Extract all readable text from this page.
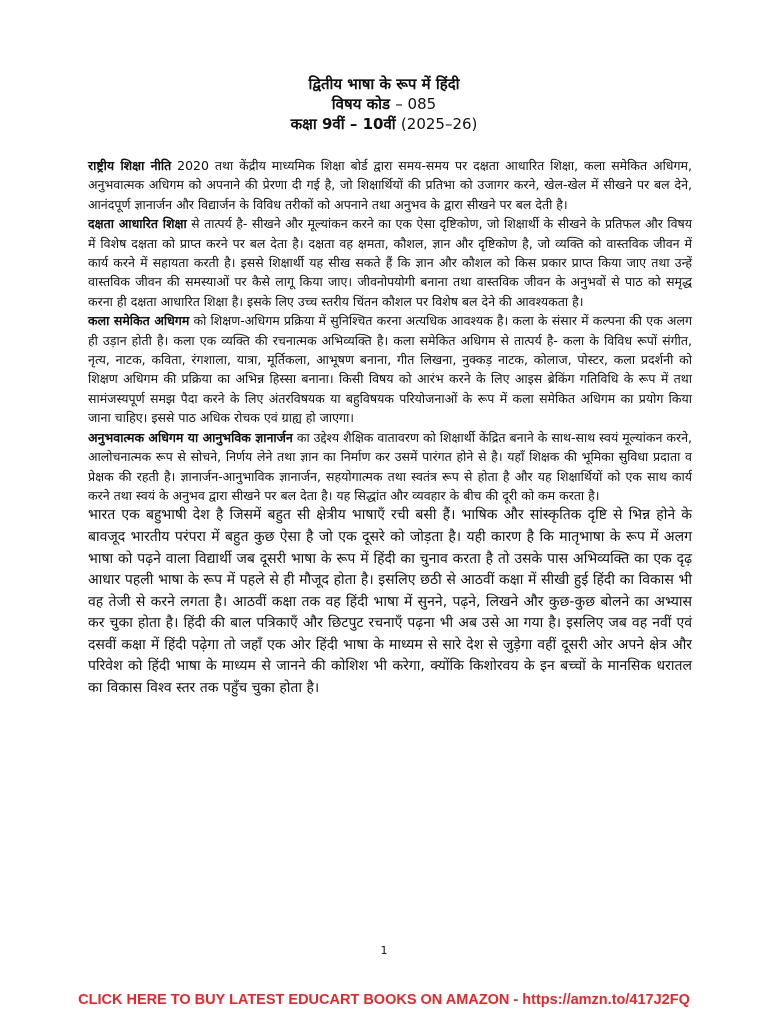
द्वितीय भाषा के रूप में हिंदी
विषय कोड – 085
कक्षा 9वीं – 10वीं (2025–26)

राष्ट्रीय शिक्षा नीति 2020 तथा केंद्रीय माध्यमिक शिक्षा बोर्ड द्वारा समय-समय पर दक्षता आधारित शिक्षा, कला समेकित अधिगम, अनुभवात्मक अधिगम को अपनाने की प्रेरणा दी गई है, जो शिक्षार्थियों की प्रतिभा को उजागर करने, खेल-खेल में सीखने पर बल देने, आनंदपूर्ण ज्ञानार्जन और विद्यार्जन के विविध तरीकों को अपनाने तथा अनुभव के द्वारा सीखने पर बल देती है।

दक्षता आधारित शिक्षा से तात्पर्य है- सीखने और मूल्यांकन करने का एक ऐसा दृष्टिकोण, जो शिक्षार्थी के सीखने के प्रतिफल और विषय में विशेष दक्षता को प्राप्त करने पर बल देता है। दक्षता वह क्षमता, कौशल, ज्ञान और दृष्टिकोण है, जो व्यक्ति को वास्तविक जीवन में कार्य करने में सहायता करती है। इससे शिक्षार्थी यह सीख सकते हैं कि ज्ञान और कौशल को किस प्रकार प्राप्त किया जाए तथा उन्हें वास्तविक जीवन की समस्याओं पर कैसे लागू किया जाए। जीवनोपयोगी बनाना तथा वास्तविक जीवन के अनुभवों से पाठ को समृद्ध करना ही दक्षता आधारित शिक्षा है। इसके लिए उच्च स्तरीय चिंतन कौशल पर विशेष बल देने की आवश्यकता है।

कला समेकित अधिगम को शिक्षण-अधिगम प्रक्रिया में सुनिश्चित करना अत्यधिक आवश्यक है। कला के संसार में कल्पना की एक अलग ही उड़ान होती है। कला एक व्यक्ति की रचनात्मक अभिव्यक्ति है। कला समेकित अधिगम से तात्पर्य है- कला के विविध रूपों संगीत, नृत्य, नाटक, कविता, रंगशाला, यात्रा, मूर्तिकला, आभूषण बनाना, गीत लिखना, नुक्कड़ नाटक, कोलाज, पोस्टर, कला प्रदर्शनी को शिक्षण अधिगम की प्रक्रिया का अभिन्न हिस्सा बनाना। किसी विषय को आरंभ करने के लिए आइस ब्रेकिंग गतिविधि के रूप में तथा सामंजस्यपूर्ण समझ पैदा करने के लिए अंतरविषयक या बहुविषयक परियोजनाओं के रूप में कला समेकित अधिगम का प्रयोग किया जाना चाहिए। इससे पाठ अधिक रोचक एवं ग्राह्य हो जाएगा।

अनुभवात्मक अधिगम या आनुभविक ज्ञानार्जन का उद्देश्य शैक्षिक वातावरण को शिक्षार्थी केंद्रित बनाने के साथ-साथ स्वयं मूल्यांकन करने, आलोचनात्मक रूप से सोचने, निर्णय लेने तथा ज्ञान का निर्माण कर उसमें पारंगत होने से है। यहाँ शिक्षक की भूमिका सुविधा प्रदाता व प्रेक्षक की रहती है। ज्ञानार्जन-आनुभाविक ज्ञानार्जन, सहयोगात्मक तथा स्वतंत्र रूप से होता है और यह शिक्षार्थियों को एक साथ कार्य करने तथा स्वयं के अनुभव द्वारा सीखने पर बल देता है। यह सिद्धांत और व्यवहार के बीच की दूरी को कम करता है।

भारत एक बहुभाषी देश है जिसमें बहुत सी क्षेत्रीय भाषाएँ रची बसी हैं। भाषिक और सांस्कृतिक दृष्टि से भिन्न होने के बावजूद भारतीय परंपरा में बहुत कुछ ऐसा है जो एक दूसरे को जोड़ता है। यही कारण है कि मातृभाषा के रूप में अलग भाषा को पढ़ने वाला विद्यार्थी जब दूसरी भाषा के रूप में हिंदी का चुनाव करता है तो उसके पास अभिव्यक्ति का एक दृढ़ आधार पहली भाषा के रूप में पहले से ही मौजूद होता है। इसलिए छठी से आठवीं कक्षा में सीखी हुई हिंदी का विकास भी वह तेजी से करने लगता है। आठवीं कक्षा तक वह हिंदी भाषा में सुनने, पढ़ने, लिखने और कुछ-कुछ बोलने का अभ्यास कर चुका होता है। हिंदी की बाल पत्रिकाएँ और छिटपुट रचनाएँ पढ़ना भी अब उसे आ गया है। इसलिए जब वह नवीं एवं दसवीं कक्षा में हिंदी पढ़ेगा तो जहाँ एक ओर हिंदी भाषा के माध्यम से सारे देश से जुड़ेगा वहीं दूसरी ओर अपने क्षेत्र और परिवेश को हिंदी भाषा के माध्यम से जानने की कोशिश भी करेगा, क्योंकि किशोरवय के इन बच्चों के मानसिक धरातल का विकास विश्व स्तर तक पहुँच चुका होता है।

1
CLICK HERE TO BUY LATEST EDUCART BOOKS ON AMAZON - https://amzn.to/417J2FQ
